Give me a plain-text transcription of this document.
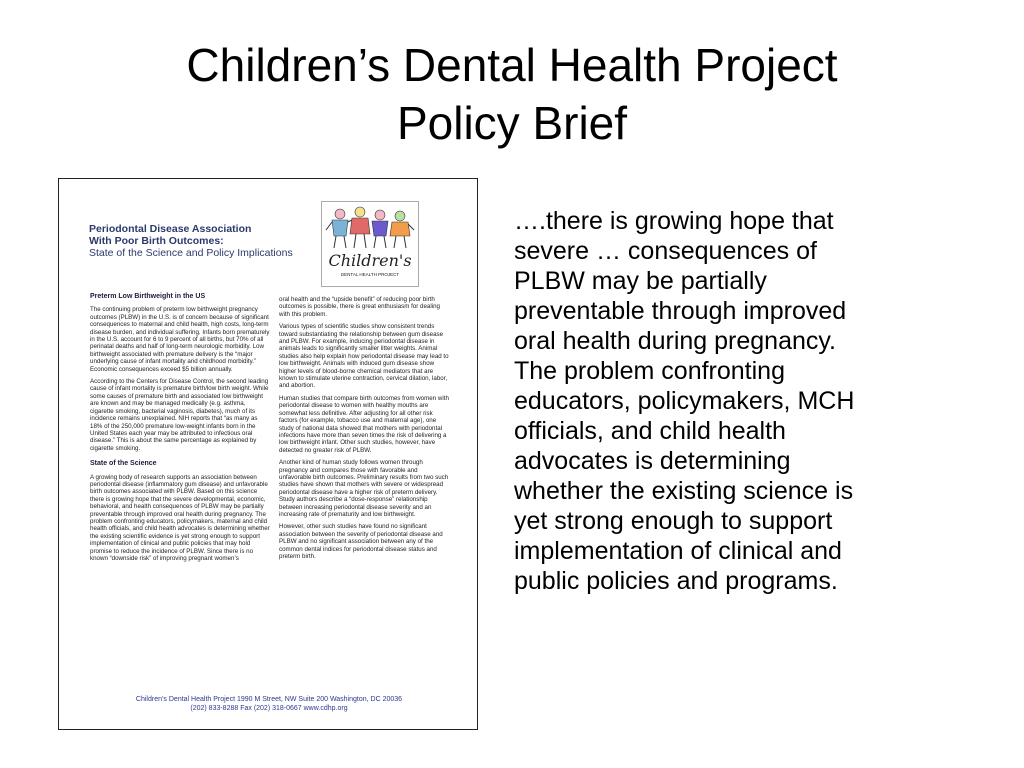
Children’s Dental Health Project
Policy Brief
Periodontal Disease Association
With Poor Birth Outcomes:
State of the Science and Policy Implications	Children's
DENTAL HEALTH PROJECT
Preterm Low Birthweight in the US

The continuing problem of preterm low birthweight pregnancy outcomes (PLBW) in the U.S. is of concern because of significant consequences to maternal and child health, high costs, long-term disease burden, and individual suffering. Infants born prematurely in the U.S. account for 6 to 9 percent of all births, but 70% of all perinatal deaths and half of long-term neurologic morbidity. Low birthweight associated with premature delivery is the “major underlying cause of infant mortality and childhood morbidity.” Economic consequences exceed $5 billion annually.

According to the Centers for Disease Control, the second leading cause of infant mortality is premature birth/low birth weight. While some causes of premature birth and associated low birthweight are known and may be managed medically (e.g. asthma, cigarette smoking, bacterial vaginosis, diabetes), much of its incidence remains unexplained. NIH reports that “as many as 18% of the 250,000 premature low-weight infants born in the United States each year may be attributed to infectious oral disease.” This is about the same percentage as explained by cigarette smoking.

State of the Science

A growing body of research supports an association between periodontal disease (inflammatory gum disease) and unfavorable birth outcomes associated with PLBW. Based on this science there is growing hope that the severe developmental, economic, behavioral, and health consequences of PLBW may be partially preventable through improved oral health during pregnancy. The problem confronting educators, policymakers, maternal and child health officials, and child health advocates is determining whether the existing scientific evidence is yet strong enough to support implementation of clinical and public policies that may hold promise to reduce the incidence of PLBW. Since there is no known “downside risk” of improving pregnant women’s

oral health and the “upside benefit” of reducing poor birth outcomes is possible, there is great enthusiasm for dealing with this problem.

Various types of scientific studies show consistent trends toward substantiating the relationship between gum disease and PLBW. For example, inducing periodontal disease in animals leads to significantly smaller litter weights. Animal studies also help explain how periodontal disease may lead to low birthweight. Animals with induced gum disease show higher levels of blood-borne chemical mediators that are known to stimulate uterine contraction, cervical dilation, labor, and abortion.

Human studies that compare birth outcomes from women with periodontal disease to women with healthy mouths are somewhat less definitive. After adjusting for all other risk factors (for example, tobacco use and maternal age), one study of national data showed that mothers with periodontal infections have more than seven times the risk of delivering a low birthweight infant. Other such studies, however, have detected no greater risk of PLBW.

Another kind of human study follows women through pregnancy and compares those with favorable and unfavorable birth outcomes. Preliminary results from two such studies have shown that mothers with severe or widespread periodontal disease have a higher risk of preterm delivery. Study authors describe a “dose-response” relationship between increasing periodontal disease severity and an increasing rate of prematurity and low birthweight.

However, other such studies have found no significant association between the severity of periodontal disease and PLBW and no significant association between any of the common dental indices for periodontal disease status and preterm birth.

Children’s Dental Health Project 1990 M Street, NW Suite 200 Washington, DC 20036
(202) 833-8288 Fax (202) 318-0667 www.cdhp.org
….there is growing hope that
severe … consequences of
PLBW may be partially
preventable through improved
oral health during pregnancy.
The problem confronting
educators, policymakers, MCH
officials, and child health
advocates is determining
whether the existing science is
yet strong enough to support
implementation of clinical and
public policies and programs.
